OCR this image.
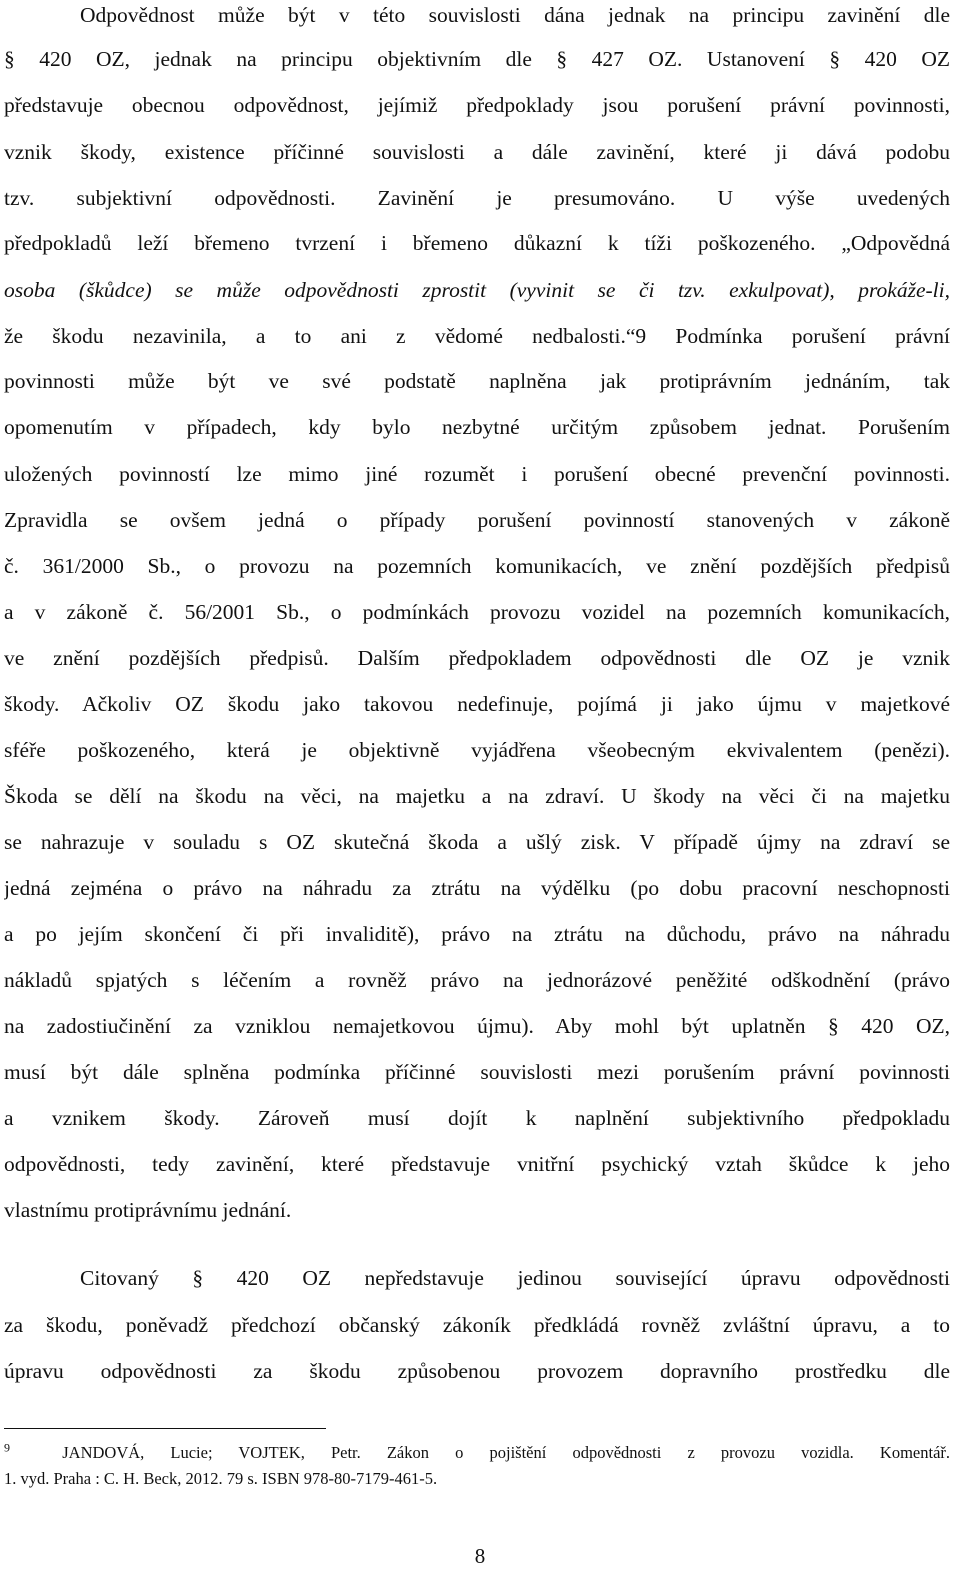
Odpovědnost může být v této souvislosti dána jednak na principu zavinění dle
§ 420 OZ, jednak na principu objektivním dle § 427 OZ. Ustanovení § 420 OZ
představuje obecnou odpovědnost, jejímiž předpoklady jsou porušení právní povinnosti,
vznik škody, existence příčinné souvislosti a dále zavinění, které ji dává podobu
tzv. subjektivní odpovědnosti. Zavinění je presumováno. U výše uvedených
předpokladů leží břemeno tvrzení i břemeno důkazní k tíži poškozeného. „Odpovědná
osoba (škůdce) se může odpovědnosti zprostit (vyvinit se či tzv. exkulpovat), prokáže-li,
že škodu nezavinila, a to ani z vědomé nedbalosti.“9 Podmínka porušení právní
povinnosti může být ve své podstatě naplněna jak protiprávním jednáním, tak
opomenutím v případech, kdy bylo nezbytné určitým způsobem jednat. Porušením
uložených povinností lze mimo jiné rozumět i porušení obecné prevenční povinnosti.
Zpravidla se ovšem jedná o případy porušení povinností stanovených v zákoně
č. 361/2000 Sb., o provozu na pozemních komunikacích, ve znění pozdějších předpisů
a v zákoně č. 56/2001 Sb., o podmínkách provozu vozidel na pozemních komunikacích,
ve znění pozdějších předpisů. Dalším předpokladem odpovědnosti dle OZ je vznik
škody. Ačkoliv OZ škodu jako takovou nedefinuje, pojímá ji jako újmu v majetkové
sféře poškozeného, která je objektivně vyjádřena všeobecným ekvivalentem (penězi).
Škoda se dělí na škodu na věci, na majetku a na zdraví. U škody na věci či na majetku
se nahrazuje v souladu s OZ skutečná škoda a ušlý zisk. V případě újmy na zdraví se
jedná zejména o právo na náhradu za ztrátu na výdělku (po dobu pracovní neschopnosti
a po jejím skončení či při invaliditě), právo na ztrátu na důchodu, právo na náhradu
nákladů spjatých s léčením a rovněž právo na jednorázové peněžité odškodnění (právo
na zadostiučinění za vzniklou nemajetkovou újmu). Aby mohl být uplatněn § 420 OZ,
musí být dále splněna podmínka příčinné souvislosti mezi porušením právní povinnosti
a vznikem škody. Zároveň musí dojít k naplnění subjektivního předpokladu
odpovědnosti, tedy zavinění, které představuje vnitřní psychický vztah škůdce k jeho
vlastnímu protiprávnímu jednání.
Citovaný § 420 OZ nepředstavuje jedinou související úpravu odpovědnosti
za škodu, poněvadž předchozí občanský zákoník předkládá rovněž zvláštní úpravu, a to
úpravu odpovědnosti za škodu způsobenou provozem dopravního prostředku dle
$^9$	JANDOVÁ, Lucie; VOJTEK, Petr. Zákon o pojištění odpovědnosti z provozu vozidla. Komentář.
1. vyd. Praha : C. H. Beck, 2012. 79 s. ISBN 978-80-7179-461-5.
8
